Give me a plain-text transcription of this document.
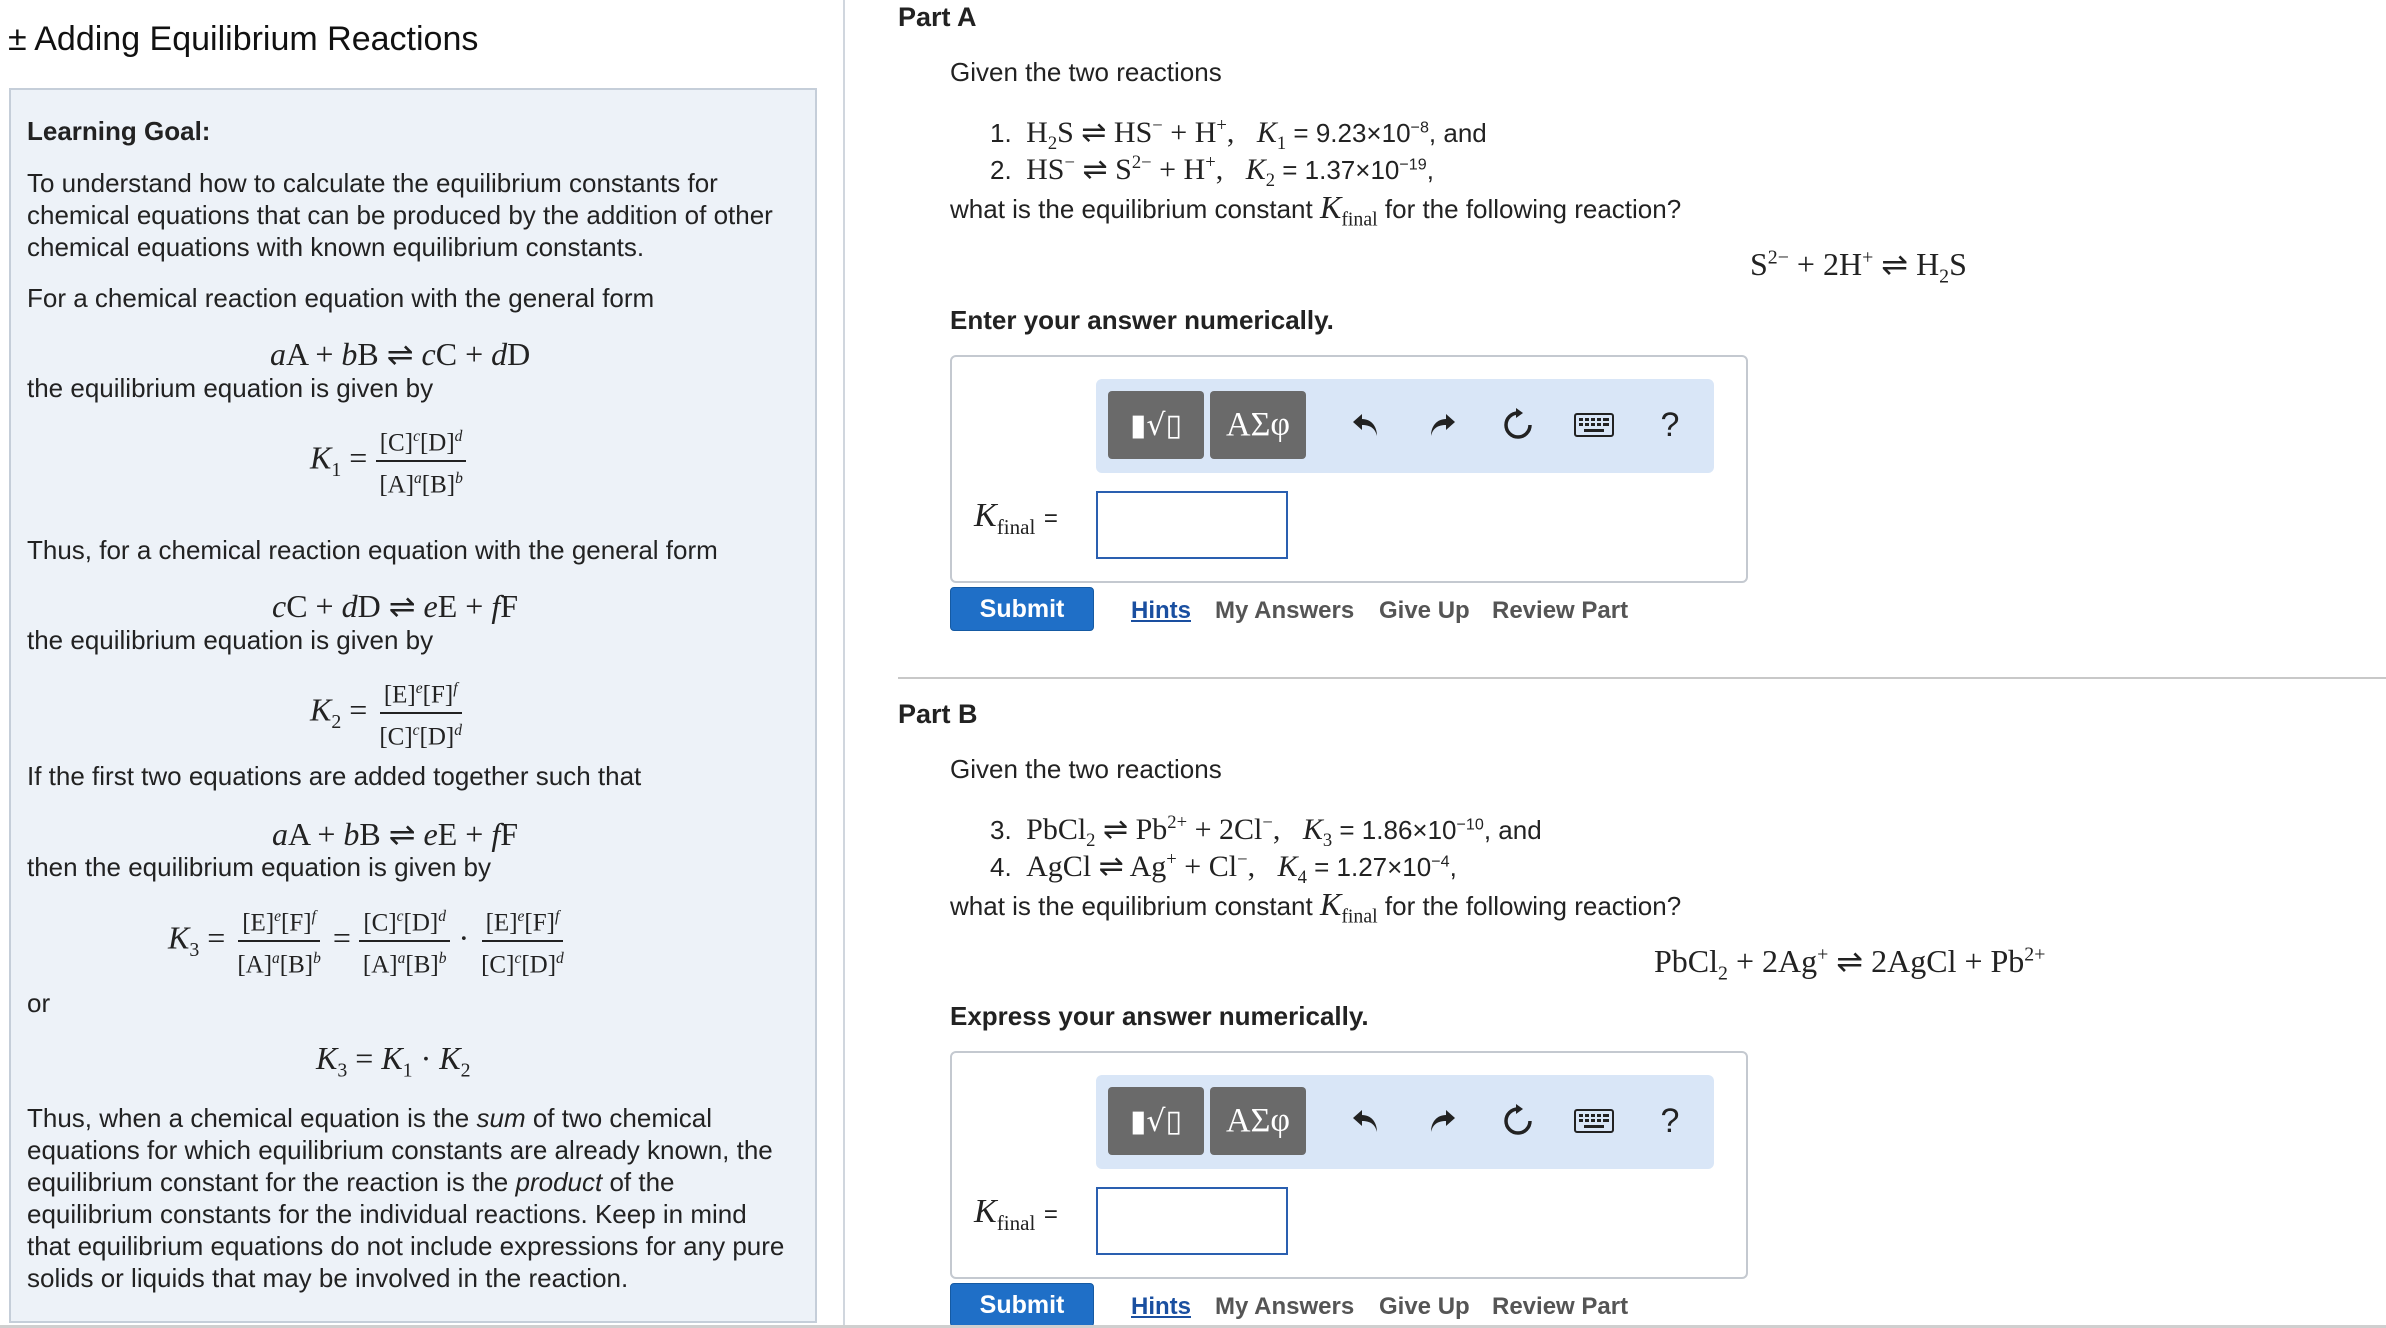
± Adding Equilibrium Reactions
Learning Goal:
To understand how to calculate the equilibrium constants for chemical equations that can be produced by the addition of other chemical equations with known equilibrium constants.
For a chemical reaction equation with the general form
aA + bB ⇌ cC + dD
the equilibrium equation is given by
$K_1 = \frac{[C]^c[D]^d}{[A]^a[B]^b}$
Thus, for a chemical reaction equation with the general form
cC + dD ⇌ eE + fF
the equilibrium equation is given by
$K_2 = \frac{[E]^e[F]^f}{[C]^c[D]^d}$
If the first two equations are added together such that
aA + bB ⇌ eE + fF
then the equilibrium equation is given by
$K_3 = \frac{[E]^e[F]^f}{[A]^a[B]^b} = \frac{[C]^c[D]^d}{[A]^a[B]^b} \cdot \frac{[E]^e[F]^f}{[C]^c[D]^d}$
or
$K_3 = K_1 \cdot K_2$
Thus, when a chemical equation is the sum of two chemical equations for which equilibrium constants are already known, the equilibrium constant for the reaction is the product of the equilibrium constants for the individual reactions. Keep in mind that equilibrium equations do not include expressions for any pure solids or liquids that may be involved in the reaction.
Part A
Given the two reactions
1. $H_2S$ ⇌ HS− + H+,   $K_1 = 9.23\times 10^{-8}$, and
2. HS− ⇌ $S^{2-} + H^+$,   $K_2 = 1.37\times 10^{-19}$,
what is the equilibrium constant $K_{final}$ for the following reaction?
$S^{2-} + 2H^+$ ⇌ $H_2S$
Enter your answer numerically.
▮√▯	ΑΣφ	?
$K_{final}$ =
Submit	Hints My Answers Give Up Review Part
Part B
Given the two reactions
3. PbCl$_2$ ⇌ $Pb^{2+} + 2Cl^-$,   $K_3 = 1.86\times 10^{-10}$, and
4. AgCl ⇌ Ag+ + Cl−,   $K_4 = 1.27\times 10^{-4}$,
what is the equilibrium constant $K_{final}$ for the following reaction?
PbCl$_2$ + 2Ag+ ⇌ 2AgCl + $Pb^{2+}$
Express your answer numerically.
▮√▯	ΑΣφ	?
$K_{final}$ =
Submit	Hints My Answers Give Up Review Part
